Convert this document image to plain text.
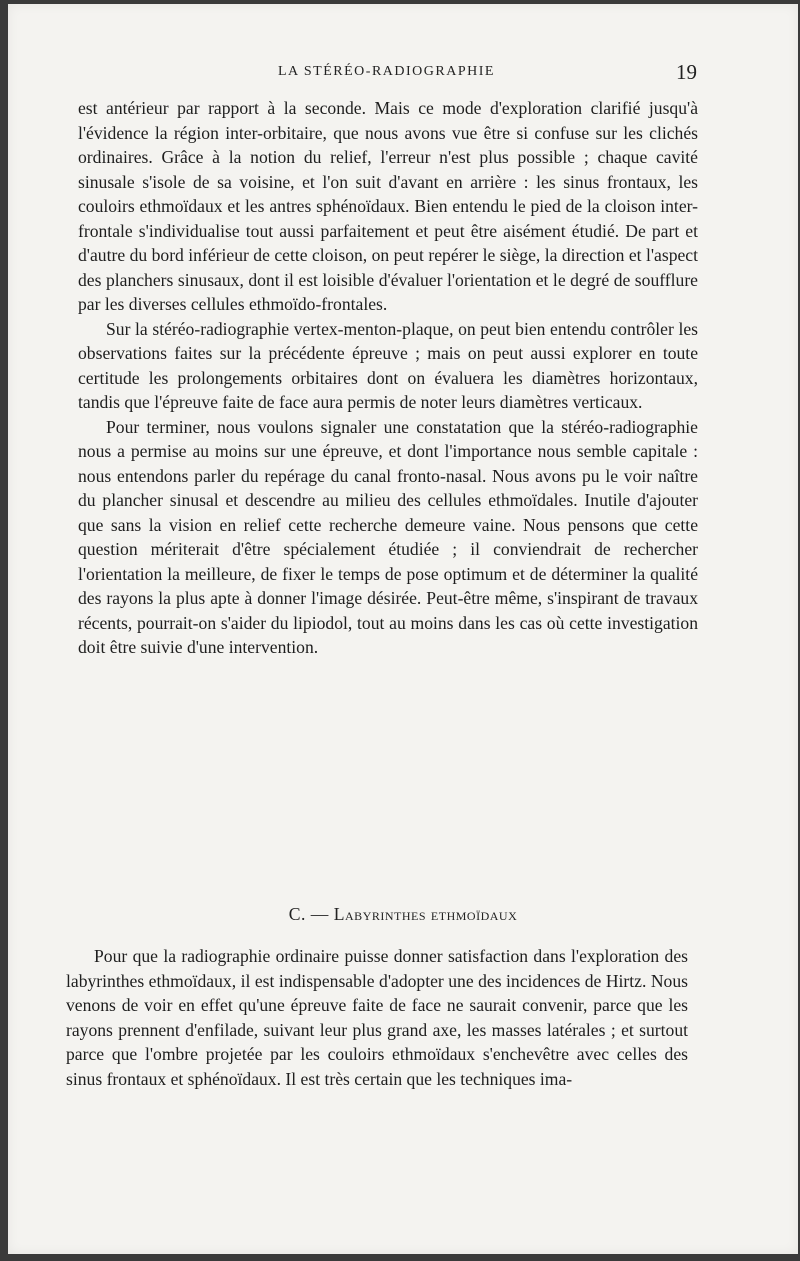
LA STÉRÉO-RADIOGRAPHIE	19

est antérieur par rapport à la seconde. Mais ce mode d'exploration clarifié jusqu'à l'évidence la région inter-orbitaire, que nous avons vue être si confuse sur les clichés ordinaires. Grâce à la notion du relief, l'erreur n'est plus possible ; chaque cavité sinusale s'isole de sa voisine, et l'on suit d'avant en arrière : les sinus frontaux, les couloirs ethmoïdaux et les antres sphénoïdaux. Bien entendu le pied de la cloison inter-frontale s'individualise tout aussi parfaitement et peut être aisément étudié. De part et d'autre du bord inférieur de cette cloison, on peut repérer le siège, la direction et l'aspect des planchers sinusaux, dont il est loisible d'évaluer l'orientation et le degré de soufflure par les diverses cellules ethmoïdo-frontales.

Sur la stéréo-radiographie vertex-menton-plaque, on peut bien entendu contrôler les observations faites sur la précédente épreuve ; mais on peut aussi explorer en toute certitude les prolongements orbitaires dont on évaluera les diamètres horizontaux, tandis que l'épreuve faite de face aura permis de noter leurs diamètres verticaux.

Pour terminer, nous voulons signaler une constatation que la stéréo-radiographie nous a permise au moins sur une épreuve, et dont l'importance nous semble capitale : nous entendons parler du repérage du canal fronto-nasal. Nous avons pu le voir naître du plancher sinusal et descendre au milieu des cellules ethmoïdales. Inutile d'ajouter que sans la vision en relief cette recherche demeure vaine. Nous pensons que cette question mériterait d'être spécialement étudiée ; il conviendrait de rechercher l'orientation la meilleure, de fixer le temps de pose optimum et de déterminer la qualité des rayons la plus apte à donner l'image désirée. Peut-être même, s'inspirant de travaux récents, pourrait-on s'aider du lipiodol, tout au moins dans les cas où cette investigation doit être suivie d'une intervention.

C. — Labyrinthes ethmoïdaux

Pour que la radiographie ordinaire puisse donner satisfaction dans l'exploration des labyrinthes ethmoïdaux, il est indispensable d'adopter une des incidences de Hirtz. Nous venons de voir en effet qu'une épreuve faite de face ne saurait convenir, parce que les rayons prennent d'enfilade, suivant leur plus grand axe, les masses latérales ; et surtout parce que l'ombre projetée par les couloirs ethmoïdaux s'enchevêtre avec celles des sinus frontaux et sphénoïdaux. Il est très certain que les techniques ima-
